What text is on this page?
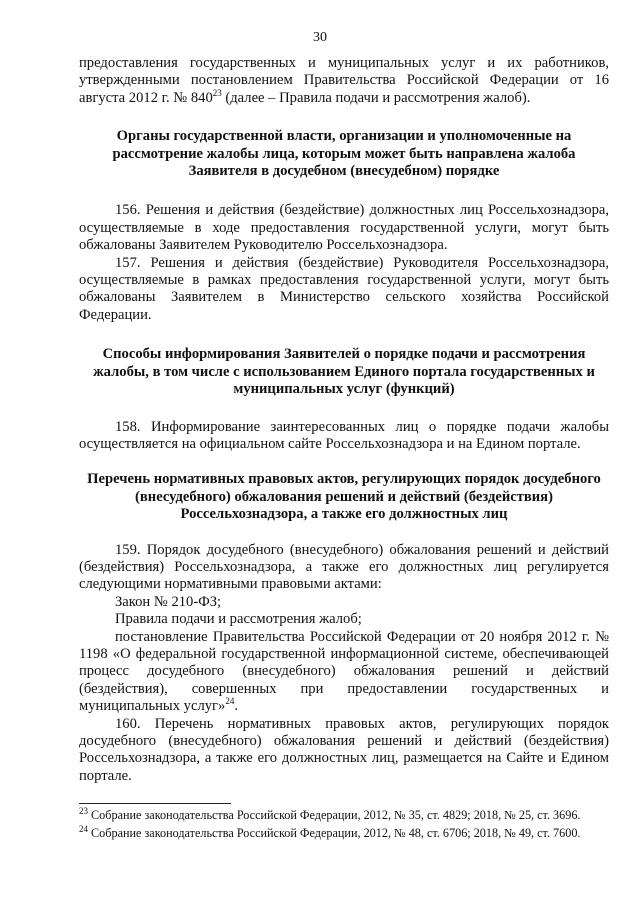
30

предоставления государственных и муниципальных услуг и их работников, утвержденными постановлением Правительства Российской Федерации от 16 августа 2012 г. № $840^{23}$ (далее – Правила подачи и рассмотрения жалоб).

Органы государственной власти, организации и уполномоченные на рассмотрение жалобы лица, которым может быть направлена жалоба Заявителя в досудебном (внесудебном) порядке

156. Решения и действия (бездействие) должностных лиц Россельхознадзора, осуществляемые в ходе предоставления государственной услуги, могут быть обжалованы Заявителем Руководителю Россельхознадзора.

157. Решения и действия (бездействие) Руководителя Россельхознадзора, осуществляемые в рамках предоставления государственной услуги, могут быть обжалованы Заявителем в Министерство сельского хозяйства Российской Федерации.

Способы информирования Заявителей о порядке подачи и рассмотрения жалобы, в том числе с использованием Единого портала государственных и муниципальных услуг (функций)

158. Информирование заинтересованных лиц о порядке подачи жалобы осуществляется на официальном сайте Россельхознадзора и на Едином портале.

Перечень нормативных правовых актов, регулирующих порядок досудебного (внесудебного) обжалования решений и действий (бездействия) Россельхознадзора, а также его должностных лиц

159. Порядок досудебного (внесудебного) обжалования решений и действий (бездействия) Россельхознадзора, а также его должностных лиц регулируется следующими нормативными правовыми актами:

Закон № 210-ФЗ;

Правила подачи и рассмотрения жалоб;

постановление Правительства Российской Федерации от 20 ноября 2012 г. № 1198 «О федеральной государственной информационной системе, обеспечивающей процесс досудебного (внесудебного) обжалования решений и действий (бездействия), совершенных при предоставлении государственных и муниципальных услуг»$^{24}$.

160. Перечень нормативных правовых актов, регулирующих порядок досудебного (внесудебного) обжалования решений и действий (бездействия) Россельхознадзора, а также его должностных лиц, размещается на Сайте и Едином портале.

$^{23}$ Собрание законодательства Российской Федерации, 2012, № 35, ст. 4829; 2018, № 25, ст. 3696.

$^{24}$ Собрание законодательства Российской Федерации, 2012, № 48, ст. 6706; 2018, № 49, ст. 7600.
